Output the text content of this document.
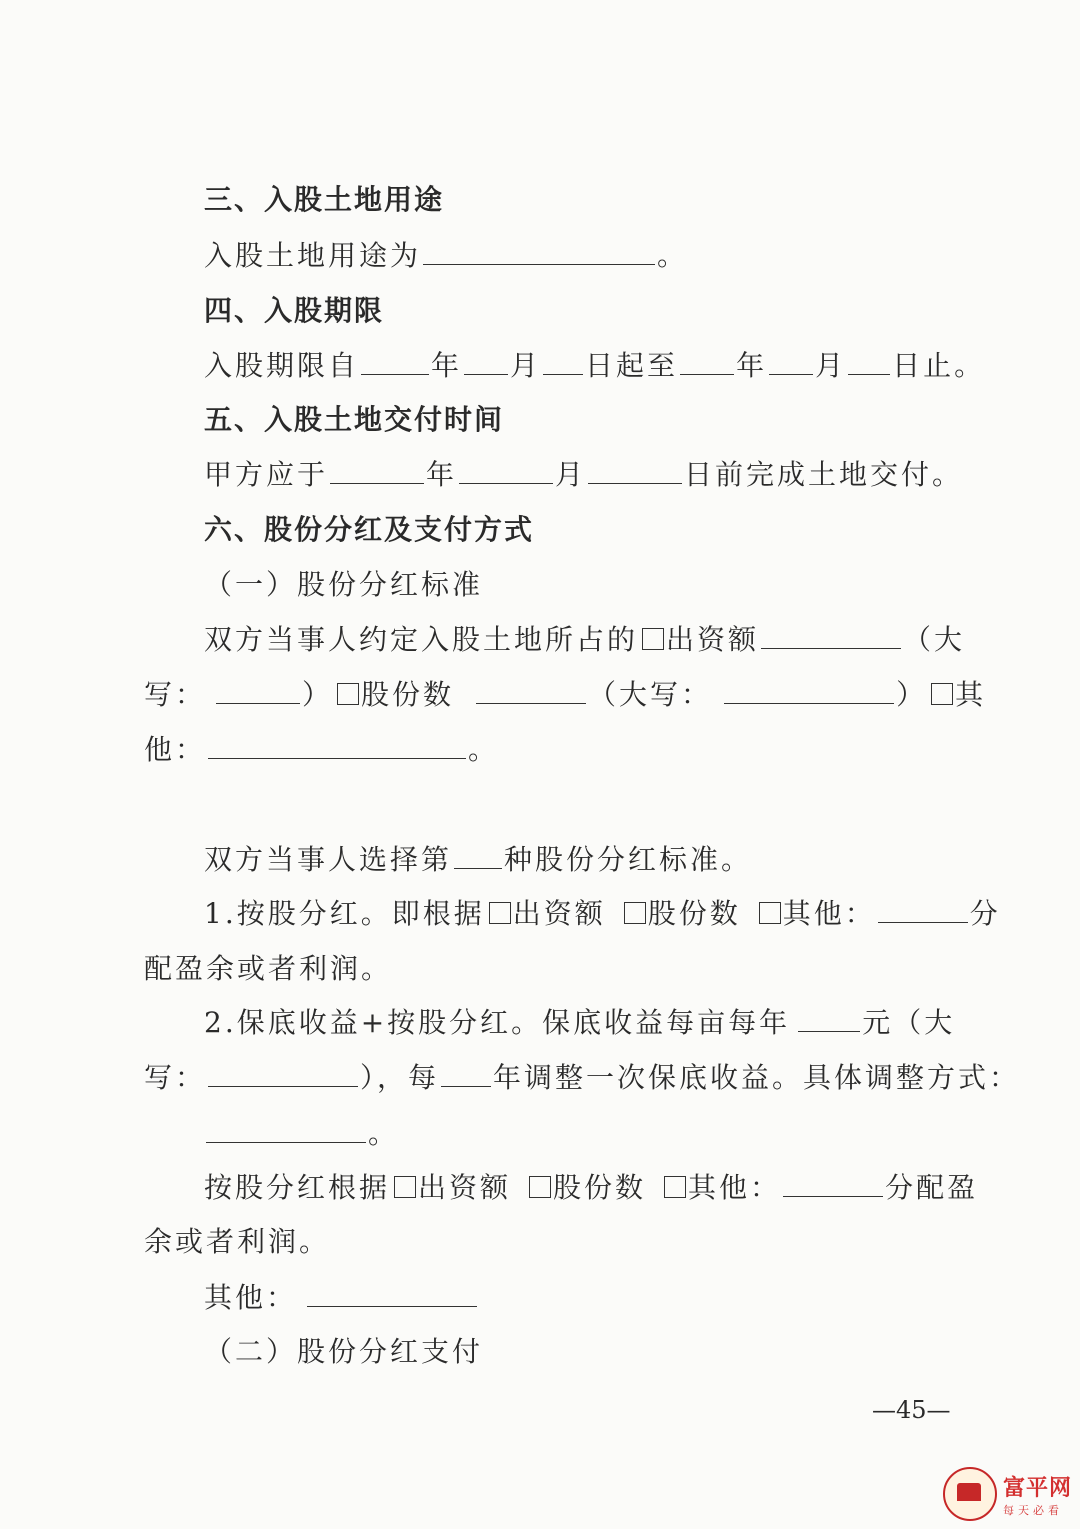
三、入股土地用途
入股土地用途为	。
四、入股期限
入股期限自	年 月 日起至 年 月 日止。
五、入股土地交付时间
甲方应于	年	月	日前完成土地交付。
六、股份分红及支付方式
（一）股份分红标准
双方当事人约定入股土地所占的 出资额	（大
写：	） 股份数	（大写：	） 其
他：	。
双方当事人选择第 种股份分红标准。
1.按股分红。即根据 出资额 股份数 其他：	分
配盈余或者利润。
2.保底收益+按股分红。保底收益每亩每年	元（大
写：	），每 年调整一次保底收益。具体调整方式：
。
按股分红根据 出资额 股份数 其他：	分配盈
余或者利润。
其他：
（二）股份分红支付
—45—
富平网
每天必看
